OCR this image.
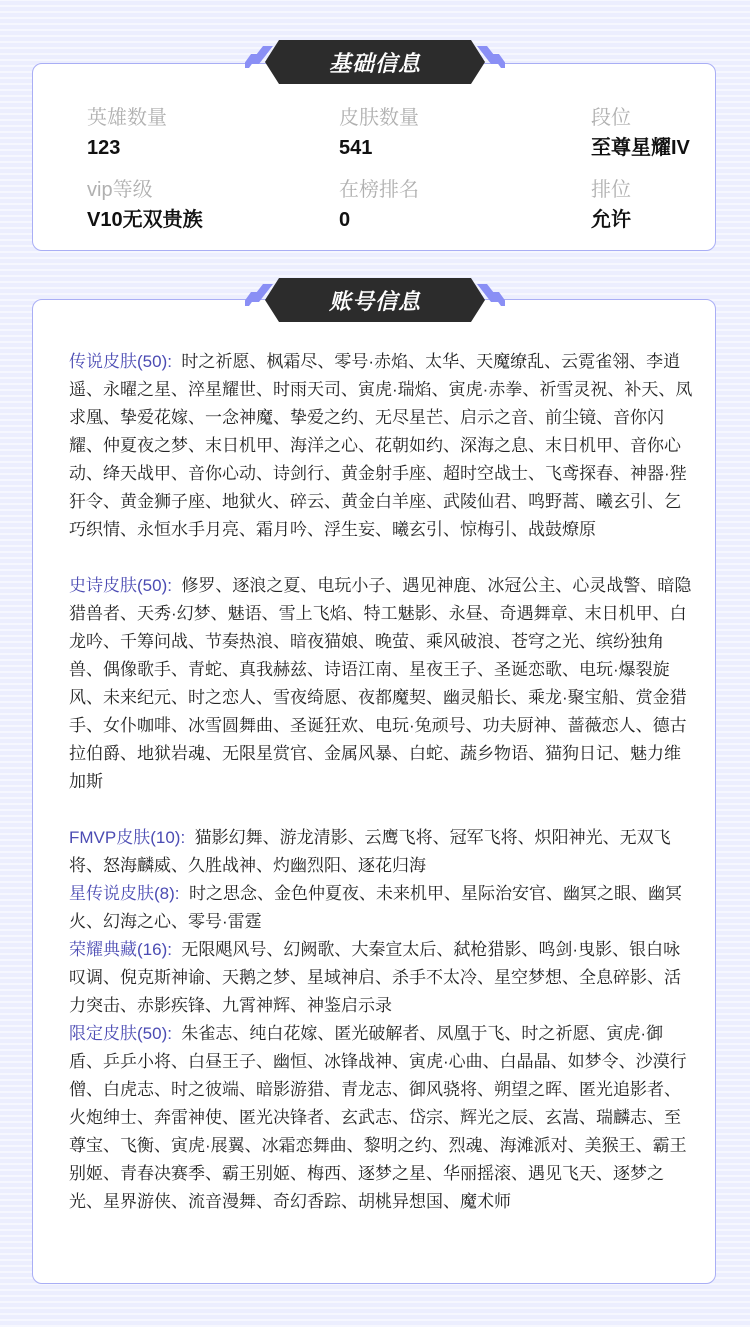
英雄数量
123
皮肤数量
541
段位
至尊星耀IV
vip等级
V10无双贵族
在榜排名
0
排位
允许
基础信息
传说皮肤(50): 时之祈愿、枫霜尽、零号·赤焰、太华、天魔缭乱、云霓雀翎、李逍遥、永曜之星、淬星耀世、时雨天司、寅虎·瑞焰、寅虎·赤拳、祈雪灵祝、补天、凤求凰、挚爱花嫁、一念神魔、挚爱之约、无尽星芒、启示之音、前尘镜、音你闪耀、仲夏夜之梦、末日机甲、海洋之心、花朝如约、深海之息、末日机甲、音你心动、绛天战甲、音你心动、诗剑行、黄金射手座、超时空战士、飞鸢探春、神器·狴犴令、黄金狮子座、地狱火、碎云、黄金白羊座、武陵仙君、鸣野蒿、曦玄引、乞巧织情、永恒水手月亮、霜月吟、浮生妄、曦玄引、惊梅引、战鼓燎原
史诗皮肤(50): 修罗、逐浪之夏、电玩小子、遇见神鹿、冰冠公主、心灵战警、暗隐猎兽者、天秀·幻梦、魅语、雪上飞焰、特工魅影、永昼、奇遇舞章、末日机甲、白龙吟、千筹问战、节奏热浪、暗夜猫娘、晚萤、乘风破浪、苍穹之光、缤纷独角兽、偶像歌手、青蛇、真我赫兹、诗语江南、星夜王子、圣诞恋歌、电玩·爆裂旋风、未来纪元、时之恋人、雪夜绮愿、夜都魔契、幽灵船长、乘龙·聚宝船、赏金猎手、女仆咖啡、冰雪圆舞曲、圣诞狂欢、电玩·兔顽号、功夫厨神、蔷薇恋人、德古拉伯爵、地狱岩魂、无限星赏官、金属风暴、白蛇、蔬乡物语、猫狗日记、魅力维加斯
FMVP皮肤(10): 猫影幻舞、游龙清影、云鹰飞将、冠军飞将、炽阳神光、无双飞将、怒海麟威、久胜战神、灼幽烈阳、逐花归海
星传说皮肤(8): 时之思念、金色仲夏夜、未来机甲、星际治安官、幽冥之眼、幽冥火、幻海之心、零号·雷霆
荣耀典藏(16): 无限飓风号、幻阙歌、大秦宣太后、弑枪猎影、鸣剑·曳影、银白咏叹调、倪克斯神谕、天鹅之梦、星域神启、杀手不太冷、星空梦想、全息碎影、活力突击、赤影疾锋、九霄神辉、神鉴启示录
限定皮肤(50): 朱雀志、纯白花嫁、匿光破解者、凤凰于飞、时之祈愿、寅虎·御盾、乒乒小将、白昼王子、幽恒、冰锋战神、寅虎·心曲、白晶晶、如梦令、沙漠行僧、白虎志、时之彼端、暗影游猎、青龙志、御风骁将、朔望之晖、匿光追影者、火炮绅士、奔雷神使、匿光决锋者、玄武志、岱宗、辉光之辰、玄嵩、瑞麟志、至尊宝、飞衡、寅虎·展翼、冰霜恋舞曲、黎明之约、烈魂、海滩派对、美猴王、霸王别姬、青春决赛季、霸王别姬、梅西、逐梦之星、华丽摇滚、遇见飞天、逐梦之光、星界游侠、流音漫舞、奇幻香踪、胡桃异想国、魔术师
账号信息
